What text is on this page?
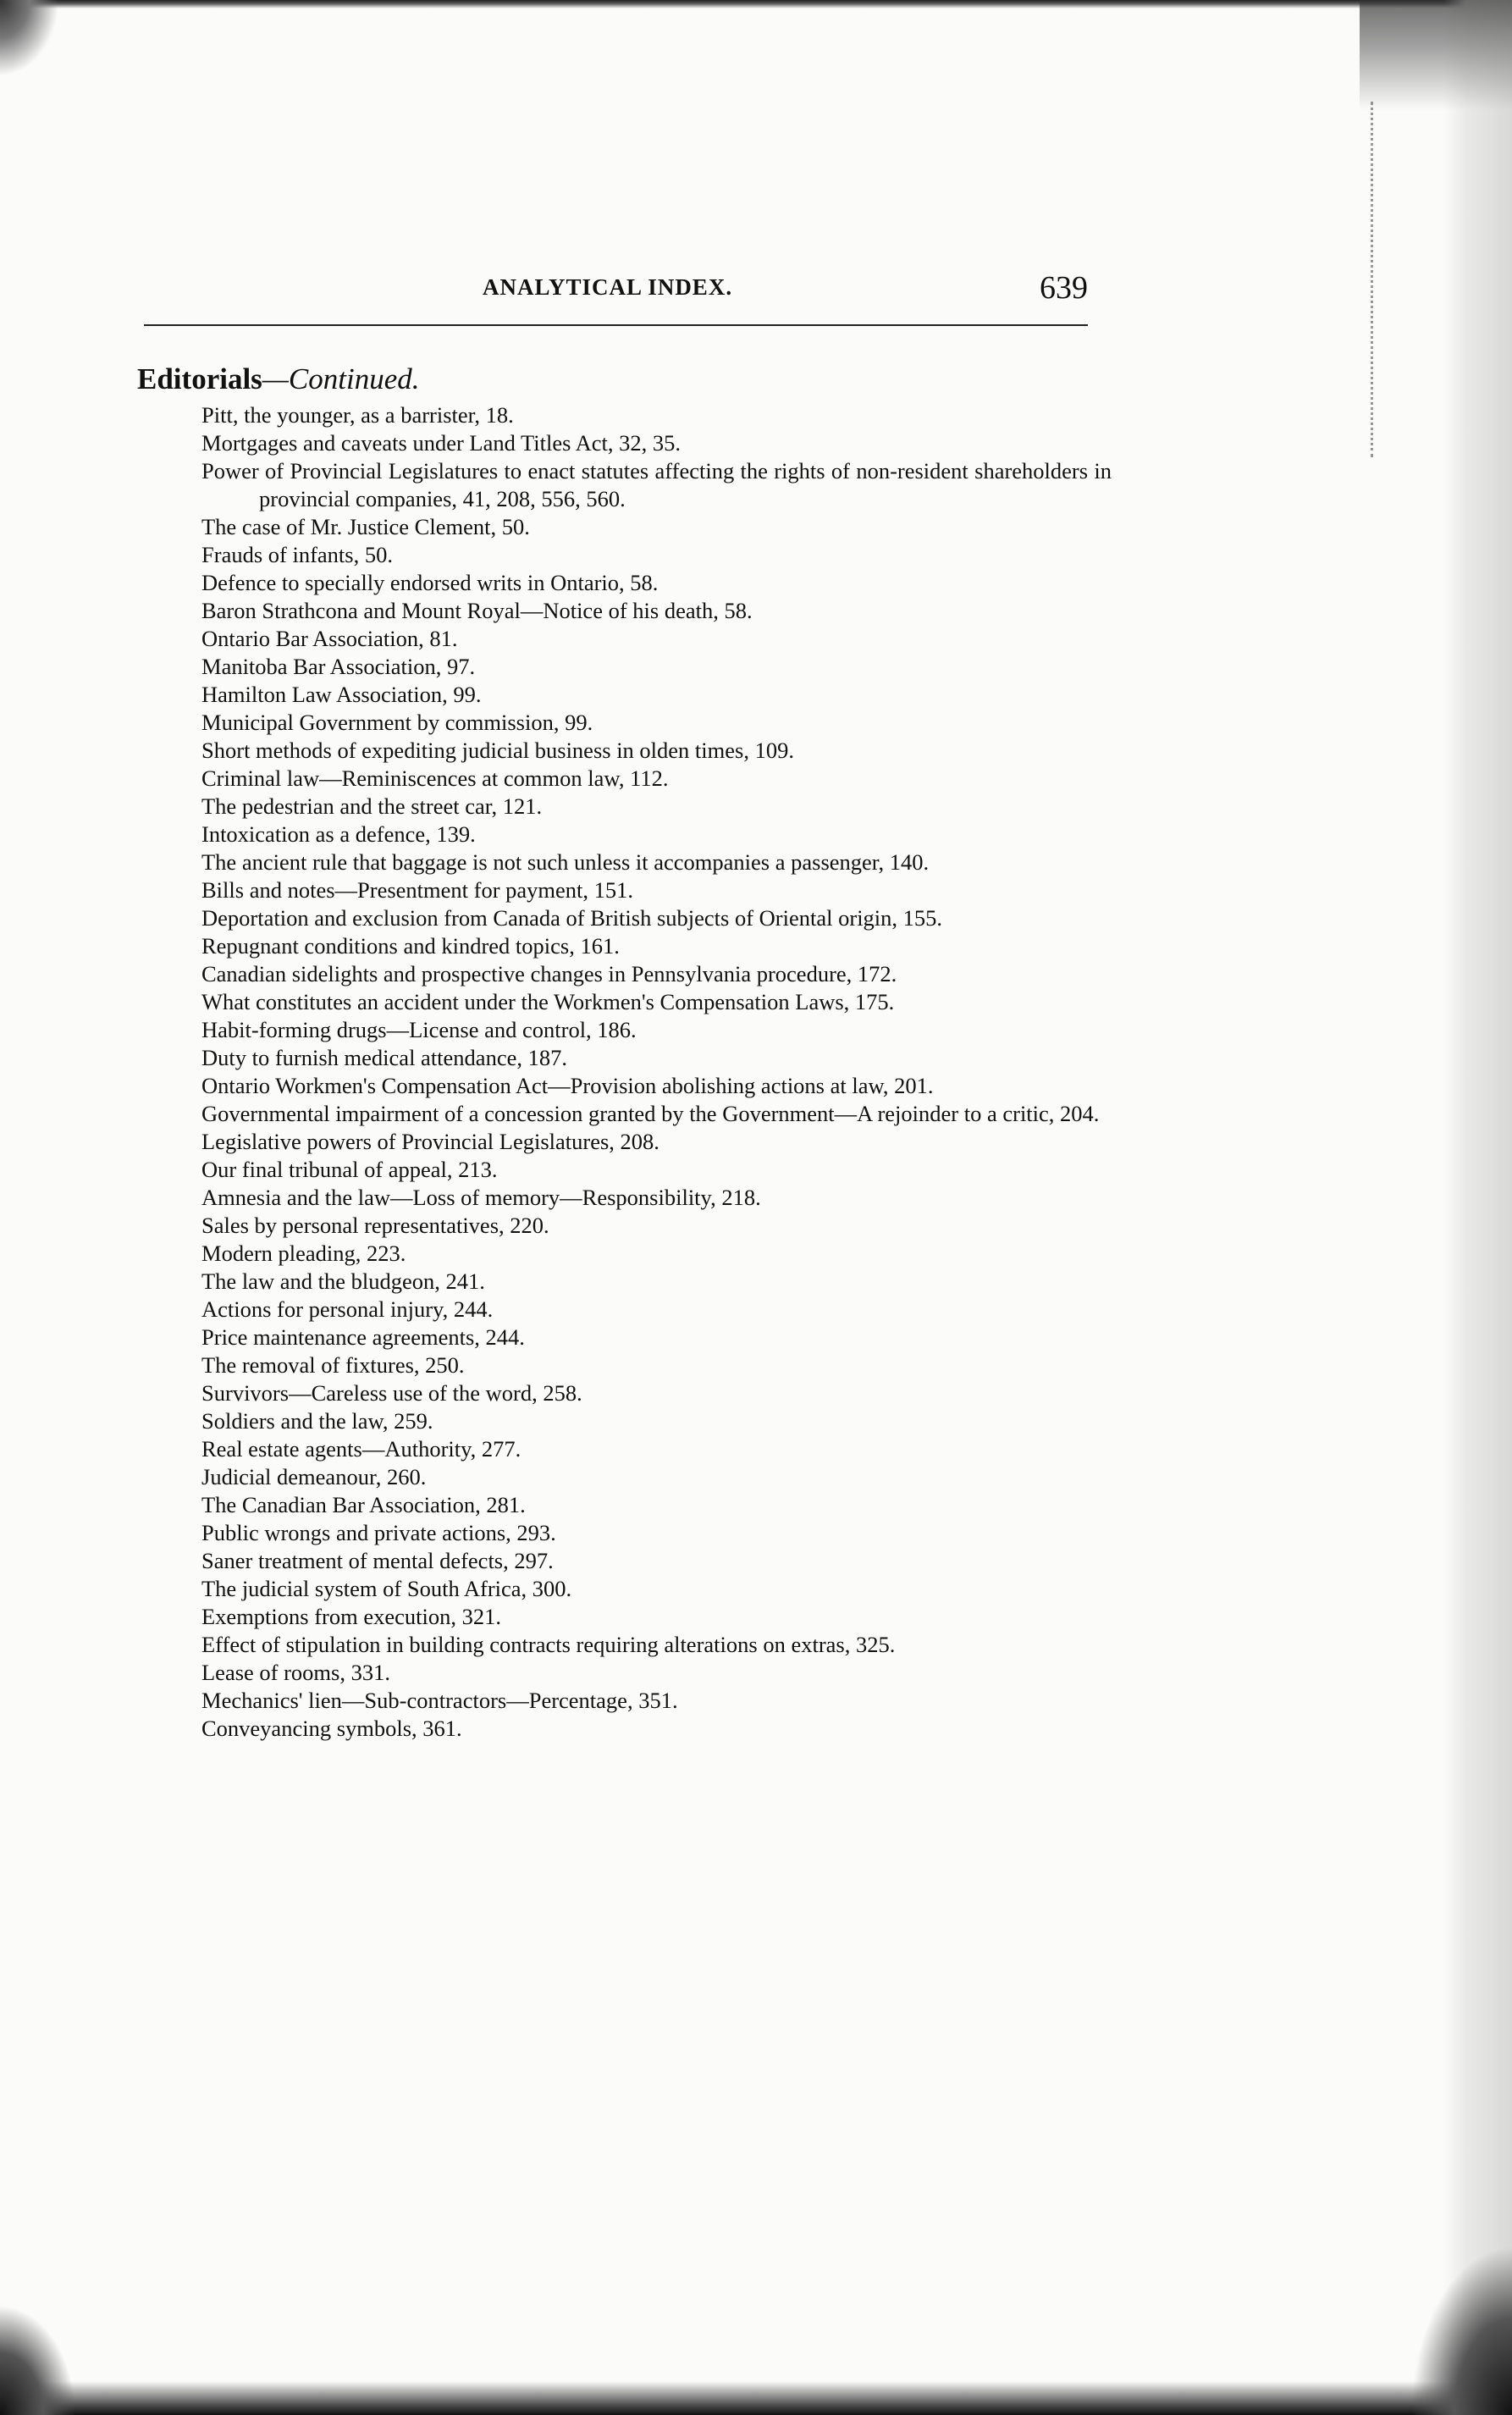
ANALYTICAL INDEX.	639
Editorials—Continued.
Pitt, the younger, as a barrister, 18.
Mortgages and caveats under Land Titles Act, 32, 35.
Power of Provincial Legislatures to enact statutes affecting the rights of non-resident shareholders in provincial companies, 41, 208, 556, 560.
The case of Mr. Justice Clement, 50.
Frauds of infants, 50.
Defence to specially endorsed writs in Ontario, 58.
Baron Strathcona and Mount Royal—Notice of his death, 58.
Ontario Bar Association, 81.
Manitoba Bar Association, 97.
Hamilton Law Association, 99.
Municipal Government by commission, 99.
Short methods of expediting judicial business in olden times, 109.
Criminal law—Reminiscences at common law, 112.
The pedestrian and the street car, 121.
Intoxication as a defence, 139.
The ancient rule that baggage is not such unless it accompanies a passenger, 140.
Bills and notes—Presentment for payment, 151.
Deportation and exclusion from Canada of British subjects of Oriental origin, 155.
Repugnant conditions and kindred topics, 161.
Canadian sidelights and prospective changes in Pennsylvania procedure, 172.
What constitutes an accident under the Workmen's Compensation Laws, 175.
Habit-forming drugs—License and control, 186.
Duty to furnish medical attendance, 187.
Ontario Workmen's Compensation Act—Provision abolishing actions at law, 201.
Governmental impairment of a concession granted by the Government—A rejoinder to a critic, 204.
Legislative powers of Provincial Legislatures, 208.
Our final tribunal of appeal, 213.
Amnesia and the law—Loss of memory—Responsibility, 218.
Sales by personal representatives, 220.
Modern pleading, 223.
The law and the bludgeon, 241.
Actions for personal injury, 244.
Price maintenance agreements, 244.
The removal of fixtures, 250.
Survivors—Careless use of the word, 258.
Soldiers and the law, 259.
Real estate agents—Authority, 277.
Judicial demeanour, 260.
The Canadian Bar Association, 281.
Public wrongs and private actions, 293.
Saner treatment of mental defects, 297.
The judicial system of South Africa, 300.
Exemptions from execution, 321.
Effect of stipulation in building contracts requiring alterations on extras, 325.
Lease of rooms, 331.
Mechanics' lien—Sub-contractors—Percentage, 351.
Conveyancing symbols, 361.
